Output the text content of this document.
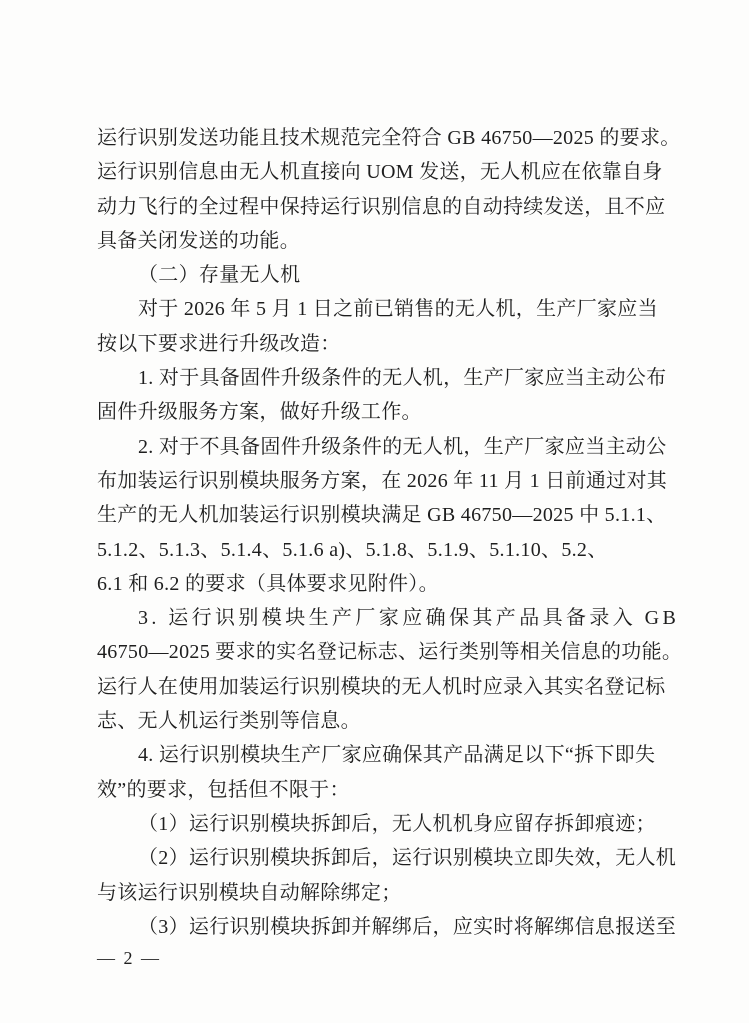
运行识别发送功能且技术规范完全符合 GB 46750—2025 的要求。
运行识别信息由无人机直接向 UOM 发送，无人机应在依靠自身
动力飞行的全过程中保持运行识别信息的自动持续发送，且不应
具备关闭发送的功能。
（二）存量无人机
对于 2026 年 5 月 1 日之前已销售的无人机，生产厂家应当
按以下要求进行升级改造：
1. 对于具备固件升级条件的无人机，生产厂家应当主动公布
固件升级服务方案，做好升级工作。
2. 对于不具备固件升级条件的无人机，生产厂家应当主动公
布加装运行识别模块服务方案，在 2026 年 11 月 1 日前通过对其
生产的无人机加装运行识别模块满足 GB 46750—2025 中 5.1.1、
5.1.2、5.1.3、5.1.4、5.1.6 a)、5.1.8、5.1.9、5.1.10、5.2、
6.1 和 6.2 的要求（具体要求见附件）。
3. 运行识别模块生产厂家应确保其产品具备录入 GB
46750—2025 要求的实名登记标志、运行类别等相关信息的功能。
运行人在使用加装运行识别模块的无人机时应录入其实名登记标
志、无人机运行类别等信息。
4. 运行识别模块生产厂家应确保其产品满足以下“拆下即失
效”的要求，包括但不限于：
（1）运行识别模块拆卸后，无人机机身应留存拆卸痕迹；
（2）运行识别模块拆卸后，运行识别模块立即失效，无人机
与该运行识别模块自动解除绑定；
（3）运行识别模块拆卸并解绑后，应实时将解绑信息报送至
— 2 —
